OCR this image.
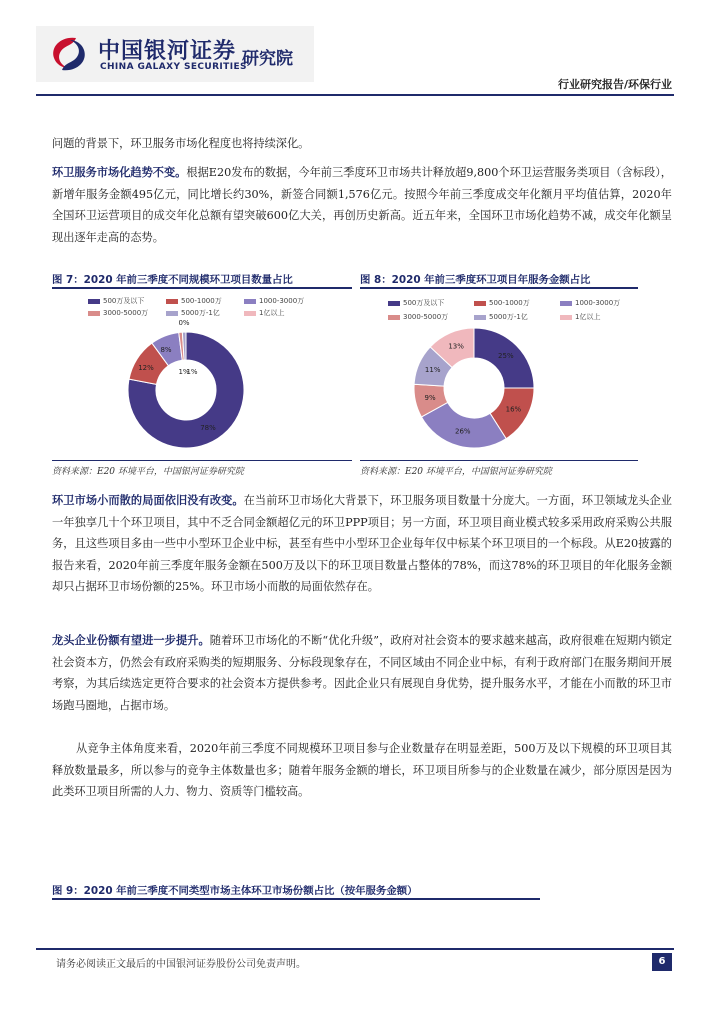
中国银河证券
CHINA GALAXY SECURITIES
研究院
行业研究报告/环保行业

问题的背景下，环卫服务市场化程度也将持续深化。

环卫服务市场化趋势不变。根据E20发布的数据，今年前三季度环卫市场共计释放超9,800个环卫运营服务类项目（含标段），新增年服务金额495亿元，同比增长约30%，新签合同额1,576亿元。按照今年前三季度成交年化额月平均值估算，2020年全国环卫运营项目的成交年化总额有望突破600亿大关，再创历史新高。近五年来，全国环卫市场化趋势不减，成交年化额呈现出逐年走高的态势。

图 7：2020 年前三季度不同规模环卫项目数量占比
500万及以下	500-1000万	1000-3000万
3000-5000万	5000万-1亿	1亿以上
78%
12%
8%
1%
1%
0%
资料来源：E20 环境平台，中国银河证券研究院
图 8：2020 年前三季度环卫项目年服务金额占比
500万及以下	500-1000万	1000-3000万
3000-5000万	5000万-1亿	1亿以上
25%
16%
26%
9%
11%
13%
资料来源：E20 环境平台，中国银河证券研究院

环卫市场小而散的局面依旧没有改变。在当前环卫市场化大背景下，环卫服务项目数量十分庞大。一方面，环卫领域龙头企业一年独享几十个环卫项目，其中不乏合同金额超亿元的环卫PPP项目；另一方面，环卫项目商业模式较多采用政府采购公共服务，且这些项目多由一些中小型环卫企业中标，甚至有些中小型环卫企业每年仅中标某个环卫项目的一个标段。从E20披露的报告来看，2020年前三季度年服务金额在500万及以下的环卫项目数量占整体的78%，而这78%的环卫项目的年化服务金额却只占据环卫市场份额的25%。环卫市场小而散的局面依然存在。

龙头企业份额有望进一步提升。随着环卫市场化的不断“优化升级”，政府对社会资本的要求越来越高，政府很难在短期内锁定社会资本方，仍然会有政府采购类的短期服务、分标段现象存在，不同区域由不同企业中标，有利于政府部门在服务期间开展考察，为其后续选定更符合要求的社会资本方提供参考。因此企业只有展现自身优势，提升服务水平，才能在小而散的环卫市场跑马圈地，占据市场。

从竞争主体角度来看，2020年前三季度不同规模环卫项目参与企业数量存在明显差距，500万及以下规模的环卫项目其释放数量最多，所以参与的竞争主体数量也多；随着年服务金额的增长，环卫项目所参与的企业数量在减少，部分原因是因为此类环卫项目所需的人力、物力、资质等门槛较高。

图 9：2020 年前三季度不同类型市场主体环卫市场份额占比（按年服务金额）
请务必阅读正文最后的中国银河证券股份公司免责声明。	6
